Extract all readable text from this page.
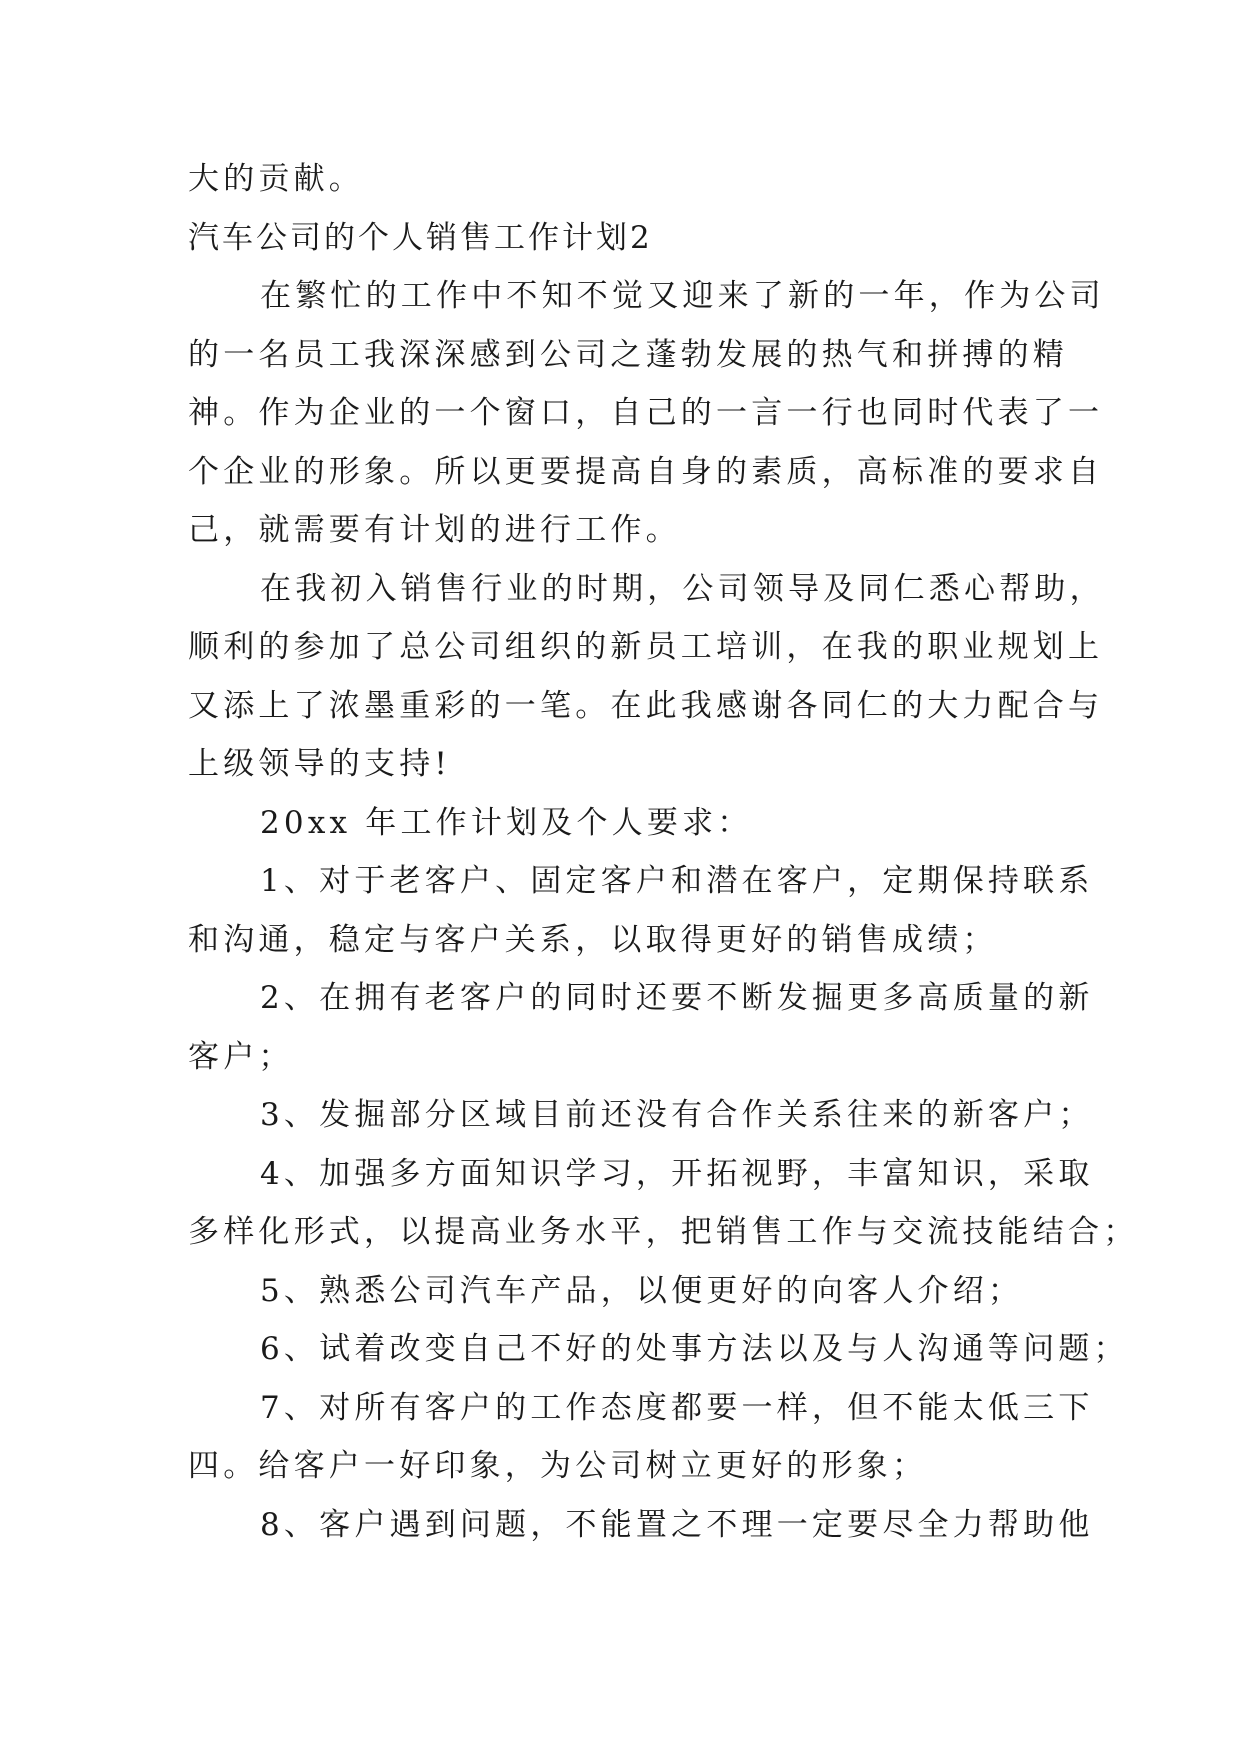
大的贡献。
汽车公司的个人销售工作计划2
在繁忙的工作中不知不觉又迎来了新的一年，作为公司
的一名员工我深深感到公司之蓬勃发展的热气和拼搏的精
神。作为企业的一个窗口，自己的一言一行也同时代表了一
个企业的形象。所以更要提高自身的素质，高标准的要求自
己，就需要有计划的进行工作。
在我初入销售行业的时期，公司领导及同仁悉心帮助，
顺利的参加了总公司组织的新员工培训，在我的职业规划上
又添上了浓墨重彩的一笔。在此我感谢各同仁的大力配合与
上级领导的支持!
20xx 年工作计划及个人要求：
1、对于老客户、固定客户和潜在客户，定期保持联系
和沟通，稳定与客户关系，以取得更好的销售成绩；
2、在拥有老客户的同时还要不断发掘更多高质量的新
客户；
3、发掘部分区域目前还没有合作关系往来的新客户；
4、加强多方面知识学习，开拓视野，丰富知识，采取
多样化形式，以提高业务水平，把销售工作与交流技能结合；
5、熟悉公司汽车产品，以便更好的向客人介绍；
6、试着改变自己不好的处事方法以及与人沟通等问题；
7、对所有客户的工作态度都要一样，但不能太低三下
四。给客户一好印象，为公司树立更好的形象；
8、客户遇到问题，不能置之不理一定要尽全力帮助他
